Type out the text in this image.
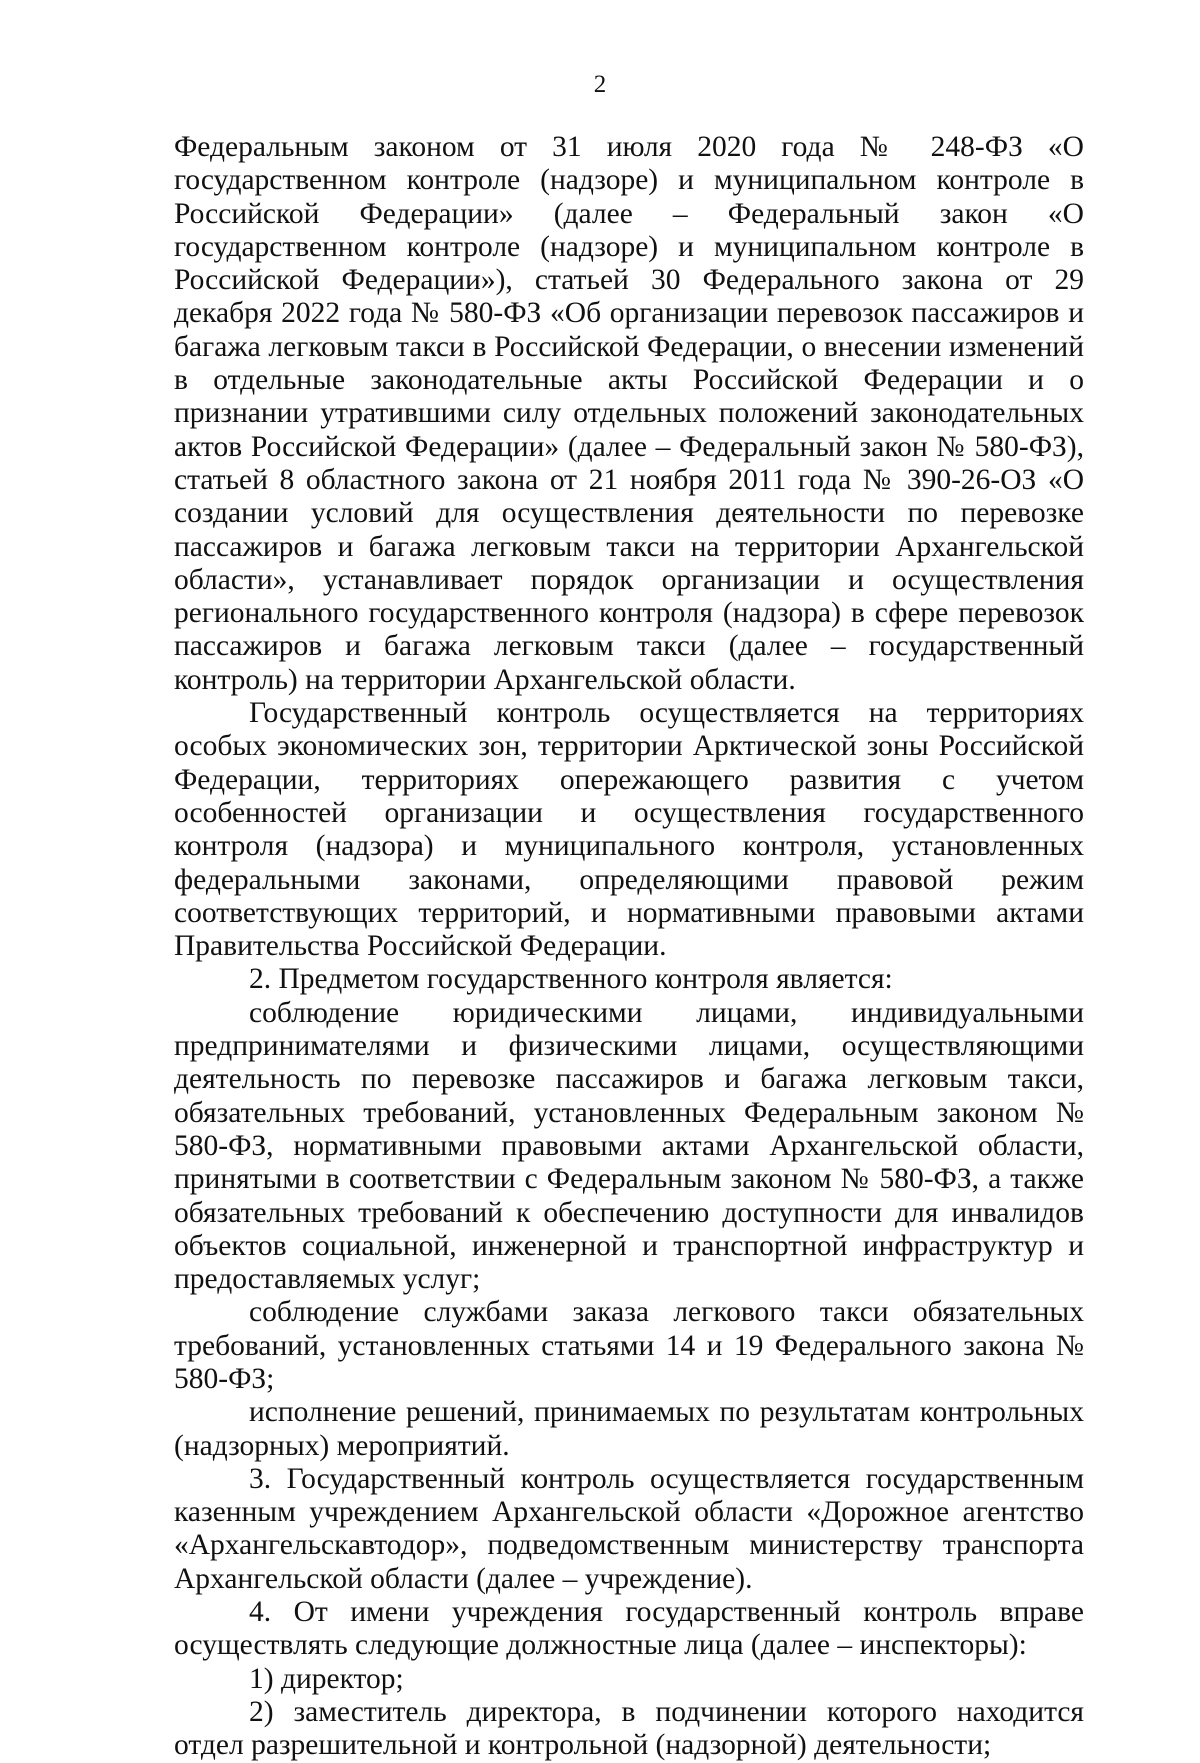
2

Федеральным законом от 31 июля 2020 года № 248-ФЗ «О государственном контроле (надзоре) и муниципальном контроле в Российской Федерации» (далее – Федеральный закон «О государственном контроле (надзоре) и муниципальном контроле в Российской Федерации»), статьей 30 Федерального закона от 29 декабря 2022 года № 580-ФЗ «Об организации перевозок пассажиров и багажа легковым такси в Российской Федерации, о внесении изменений в отдельные законодательные акты Российской Федерации и о признании утратившими силу отдельных положений законодательных актов Российской Федерации» (далее – Федеральный закон № 580-ФЗ), статьей 8 областного закона от 21 ноября 2011 года № 390-26-ОЗ «О создании условий для осуществления деятельности по перевозке пассажиров и багажа легковым такси на территории Архангельской области», устанавливает порядок организации и осуществления регионального государственного контроля (надзора) в сфере перевозок пассажиров и багажа легковым такси (далее – государственный контроль) на территории Архангельской области.

Государственный контроль осуществляется на территориях особых экономических зон, территории Арктической зоны Российской Федерации, территориях опережающего развития с учетом особенностей организации и осуществления государственного контроля (надзора) и муниципального контроля, установленных федеральными законами, определяющими правовой режим соответствующих территорий, и нормативными правовыми актами Правительства Российской Федерации.

2. Предметом государственного контроля является:

соблюдение юридическими лицами, индивидуальными предпринимателями и физическими лицами, осуществляющими деятельность по перевозке пассажиров и багажа легковым такси, обязательных требований, установленных Федеральным законом № 580-ФЗ, нормативными правовыми актами Архангельской области, принятыми в соответствии с Федеральным законом № 580-ФЗ, а также обязательных требований к обеспечению доступности для инвалидов объектов социальной, инженерной и транспортной инфраструктур и предоставляемых услуг;

соблюдение службами заказа легкового такси обязательных требований, установленных статьями 14 и 19 Федерального закона № 580-ФЗ;

исполнение решений, принимаемых по результатам контрольных (надзорных) мероприятий.

3. Государственный контроль осуществляется государственным казенным учреждением Архангельской области «Дорожное агентство «Архангельскавтодор», подведомственным министерству транспорта Архангельской области (далее – учреждение).

4. От имени учреждения государственный контроль вправе осуществлять следующие должностные лица (далее – инспекторы):

1) директор;

2) заместитель директора, в подчинении которого находится отдел разрешительной и контрольной (надзорной) деятельности;
